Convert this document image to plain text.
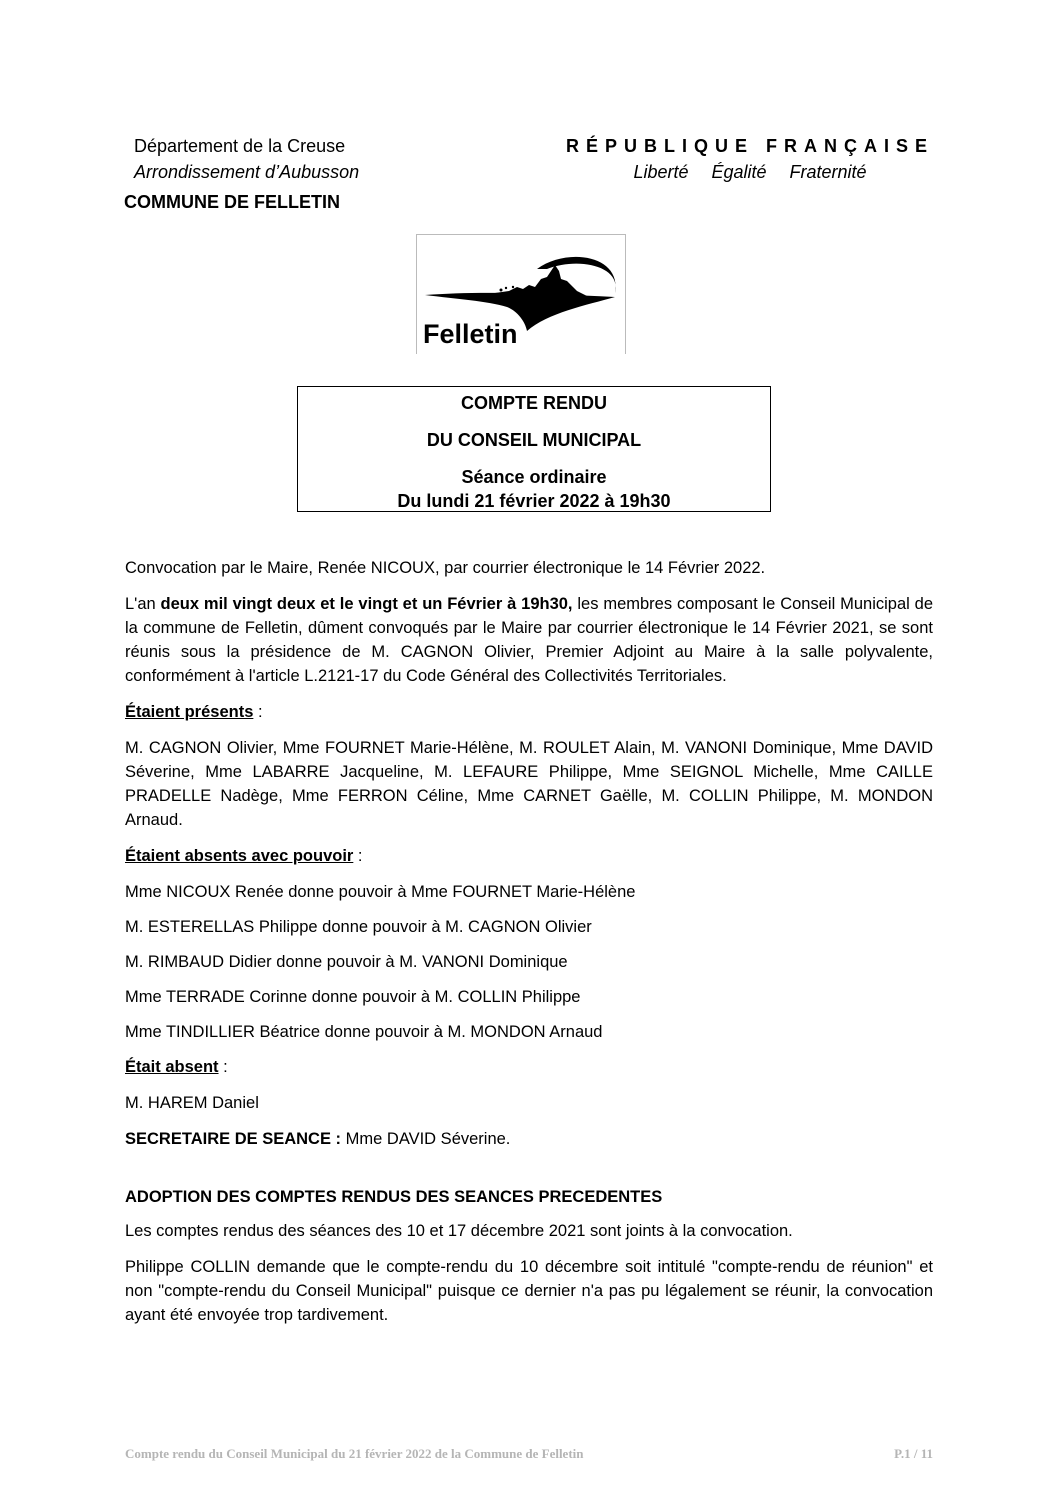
Département de la Creuse
Arrondissement d’Aubusson
COMMUNE DE FELLETIN
RÉPUBLIQUE FRANÇAISE
Liberté Égalité Fraternité
Felletin
COMPTE RENDU
DU CONSEIL MUNICIPAL
Séance ordinaire
Du lundi 21 février 2022 à 19h30

Convocation par le Maire, Renée NICOUX, par courrier électronique le 14 Février 2022.

L'an deux mil vingt deux et le vingt et un Février à 19h30, les membres composant le Conseil Municipal de la commune de Felletin, dûment convoqués par le Maire par courrier électronique le 14 Février 2021, se sont réunis sous la présidence de M. CAGNON Olivier, Premier Adjoint au Maire à la salle polyvalente, conformément à l'article L.2121-17 du Code Général des Collectivités Territoriales.

Étaient présents :

M. CAGNON Olivier, Mme FOURNET Marie-Hélène, M. ROULET Alain, M. VANONI Dominique, Mme DAVID Séverine, Mme LABARRE Jacqueline, M. LEFAURE Philippe, Mme SEIGNOL Michelle, Mme CAILLE PRADELLE Nadège, Mme FERRON Céline, Mme CARNET Gaëlle, M. COLLIN Philippe, M. MONDON Arnaud.

Étaient absents avec pouvoir :

Mme NICOUX Renée donne pouvoir à Mme FOURNET Marie-Hélène

M. ESTERELLAS Philippe donne pouvoir à M. CAGNON Olivier

M. RIMBAUD Didier donne pouvoir à M. VANONI Dominique

Mme TERRADE Corinne donne pouvoir à M. COLLIN Philippe

Mme TINDILLIER Béatrice donne pouvoir à M. MONDON Arnaud

Était absent :

M. HAREM Daniel

SECRETAIRE DE SEANCE : Mme DAVID Séverine.

ADOPTION DES COMPTES RENDUS DES SEANCES PRECEDENTES

Les comptes rendus des séances des 10 et 17 décembre 2021 sont joints à la convocation.

Philippe COLLIN demande que le compte-rendu du 10 décembre soit intitulé "compte-rendu de réunion" et non "compte-rendu du Conseil Municipal" puisque ce dernier n'a pas pu légalement se réunir, la convocation ayant été envoyée trop tardivement.

Compte rendu du Conseil Municipal du 21 février 2022 de la Commune de Felletin	P.1 / 11
